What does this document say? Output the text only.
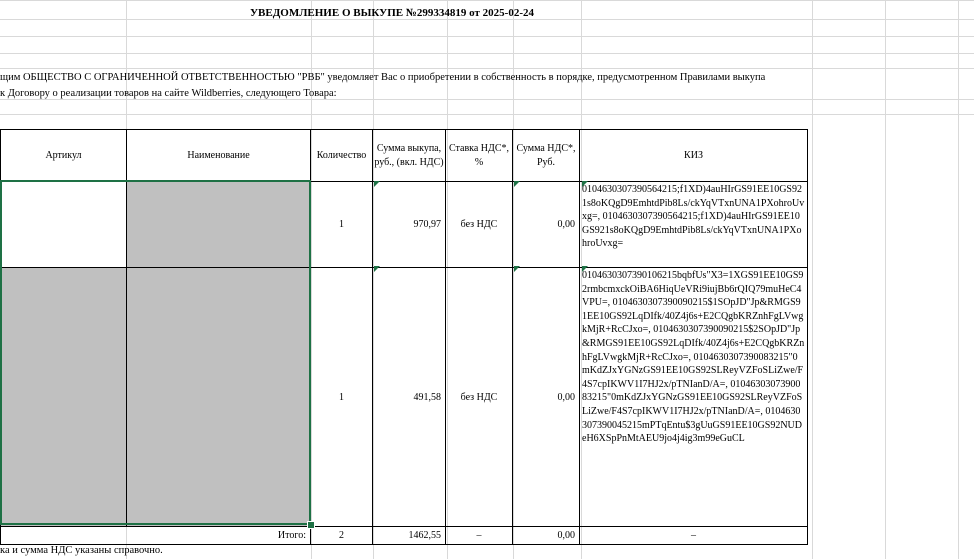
УВЕДОМЛЕНИЕ О ВЫКУПЕ №299334819 от 2025-02-24
щим ОБЩЕСТВО С ОГРАНИЧЕННОЙ ОТВЕТСТВЕННОСТЬЮ "РВБ" уведомляет Вас о приобретении в собственность в порядке, предусмотренном Правилами выкупа
к Договору о реализации товаров на сайте Wildberries, следующего Товара:
Артикул	Наименование	Количество	Сумма выкупа, руб., (вкл. НДС)	Ставка НДС*, %	Сумма НДС*, Руб.	КИЗ
		1	970,97	без НДС	0,00	0104630307390564215;f1XD)4auHIrGS91EE10GS921s8oKQgD9EmhtdPib8Ls/ckYqVTxnUNA1PXohroUvxg=, 0104630307390564215;f1XD)4auHIrGS91EE10GS921s8oKQgD9EmhtdPib8Ls/ckYqVTxnUNA1PXohroUvxg=
		1	491,58	без НДС	0,00	0104630307390106215bqbfUs"X3=1XGS91EE10GS92rmbcmxckOiBA6HiqUeVRi9iujBb6rQIQ79muHeC4VPU=, 0104630307390090215$1SOpJD"Jp&RMGS91EE10GS92LqDIfk/40Z4j6s+E2CQgbKRZnhFgLVwgkMjR+RcCJxo=, 0104630307390090215$2SOpJD"Jp&RMGS91EE10GS92LqDIfk/40Z4j6s+E2CQgbKRZnhFgLVwgkMjR+RcCJxo=, 0104630307390083215"0mKdZJxYGNzGS91EE10GS92SLReyVZFoSLiZwe/F4S7cpIKWV1I7HJ2x/pTNIanD/A=, 0104630307390083215"0mKdZJxYGNzGS91EE10GS92SLReyVZFoSLiZwe/F4S7cpIKWV1I7HJ2x/pTNIanD/A=, 0104630307390045215mPTqEntu$3gUuGS91EE10GS92NUDeH6XSpPnMtAEU9jo4j4ig3m99eGuCL
	Итого:	2	1462,55	–	0,00	–
ка и сумма НДС указаны справочно.
